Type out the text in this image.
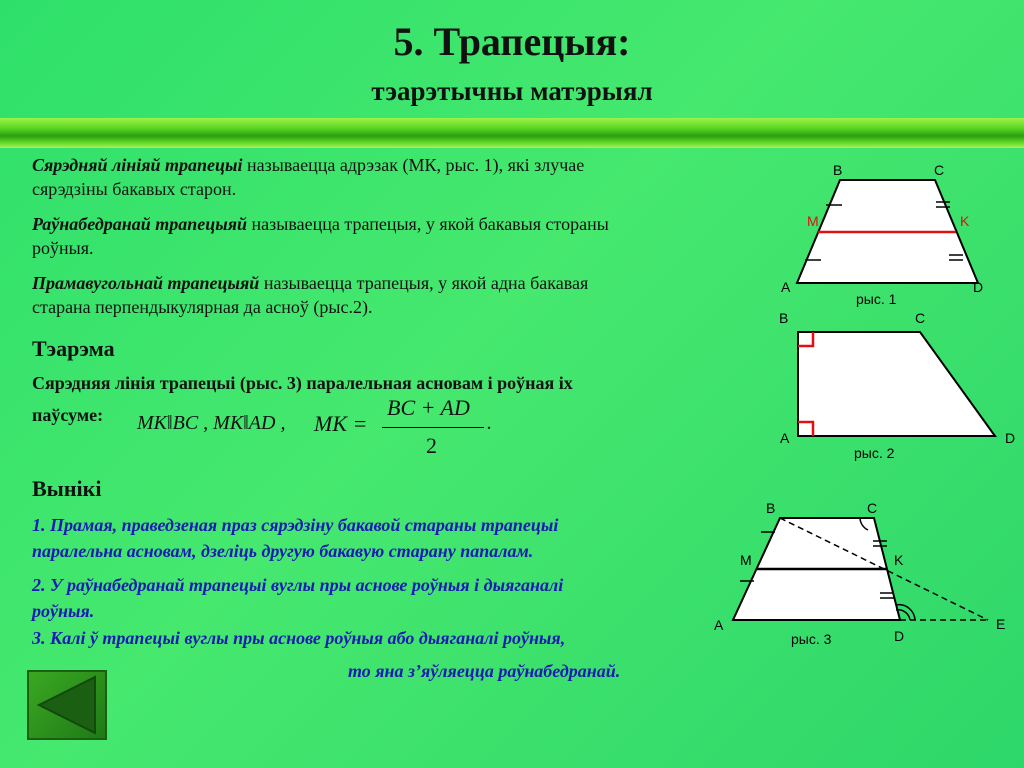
5. Трапецыя:
тэарэтычны матэрыял
Сярэдняй лініяй трапецыі называецца адрэзак (МК, рыс. 1), які злучае
сярэдзіны бакавых старон.
Раўнабедранай трапецыяй называецца трапецыя, у якой бакавыя стораны
роўныя.
Прамавугольнай трапецыяй называецца трапецыя, у якой адна бакавая
старана перпендыкулярная да асноў (рыс.2).
Тэарэма
Сярэдняя лінія трапецыі (рыс. 3) паралельная асновам і роўная іх
паўсуме: MK‖BC , MK‖AD , MK =
BC + AD
2
.
Вынікі
1. Прамая, праведзеная праз сярэдзіну бакавой стараны трапецыі
паралельна асновам, дзеліць другую бакавую старану папалам.
2. У раўнабедранай трапецыі вуглы пры аснове роўныя і дыяганалі
роўныя.
3. Калі ў трапецыі вуглы пры аснове роўныя або дыяганалі роўныя,
то яна з’яўляецца раўнабедранай.
B	C
M	K
A	D
рыс. 1
B	C
A	D
рыс. 2
B	C
M	K
A
D
E
рыс. 3
